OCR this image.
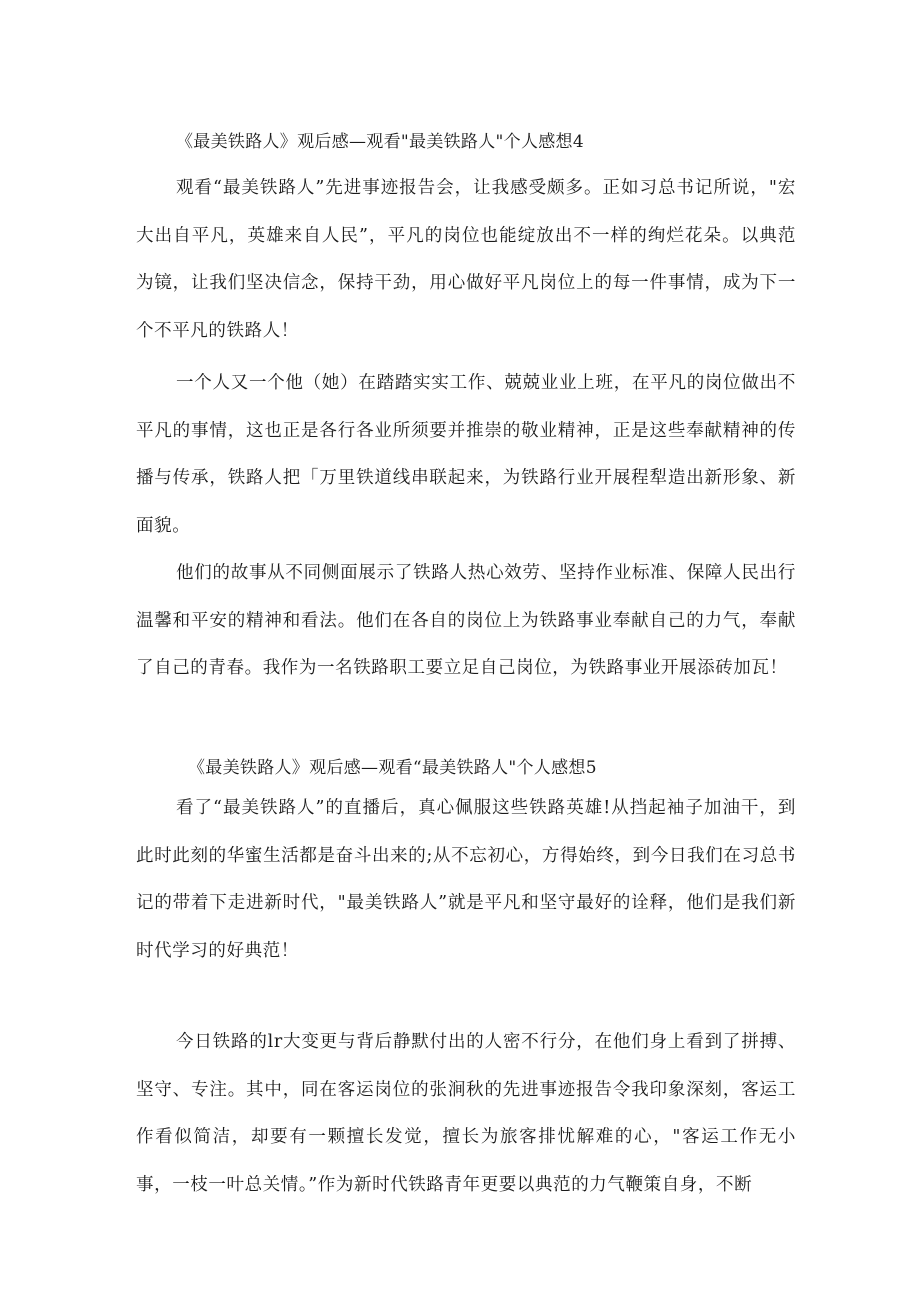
《最美铁路人》观后感—观看"最美铁路人"个人感想4

观看“最美铁路人”先进事迹报告会，让我感受颇多。正如习总书记所说，"宏大出自平凡，英雄来自人民”，平凡的岗位也能绽放出不一样的绚烂花朵。以典范为镜，让我们坚决信念，保持干劲，用心做好平凡岗位上的每一件事情，成为下一个不平凡的铁路人！

一个人又一个他（她）在踏踏实实工作、兢兢业业上班，在平凡的岗位做出不平凡的事情，这也正是各行各业所须要并推崇的敬业精神，正是这些奉献精神的传播与传承，铁路人把「万里铁道线串联起来，为铁路行业开展程犁造出新形象、新面貌。

他们的故事从不同侧面展示了铁路人热心效劳、坚持作业标准、保障人民出行温馨和平安的精神和看法。他们在各自的岗位上为铁路事业奉献自己的力气，奉献了自己的青春。我作为一名铁路职工要立足自己岗位，为铁路事业开展添砖加瓦！

《最美铁路人》观后感—观看“最美铁路人"个人感想5

看了“最美铁路人”的直播后，真心佩服这些铁路英雄!从挡起袖子加油干，到此时此刻的华蜜生活都是奋斗出来的;从不忘初心，方得始终，到今日我们在习总书记的带着下走进新时代，"最美铁路人”就是平凡和坚守最好的诠释，他们是我们新时代学习的好典范！

今日铁路的lr大变更与背后静默付出的人密不行分，在他们身上看到了拼搏、坚守、专注。其中，同在客运岗位的张涧秋的先进事迹报告令我印象深刻，客运工作看似简洁，却要有一颗擅长发觉，擅长为旅客排忧解难的心，"客运工作无小事，一枝一叶总关情。”作为新时代铁路青年更要以典范的力气鞭策自身，不断
